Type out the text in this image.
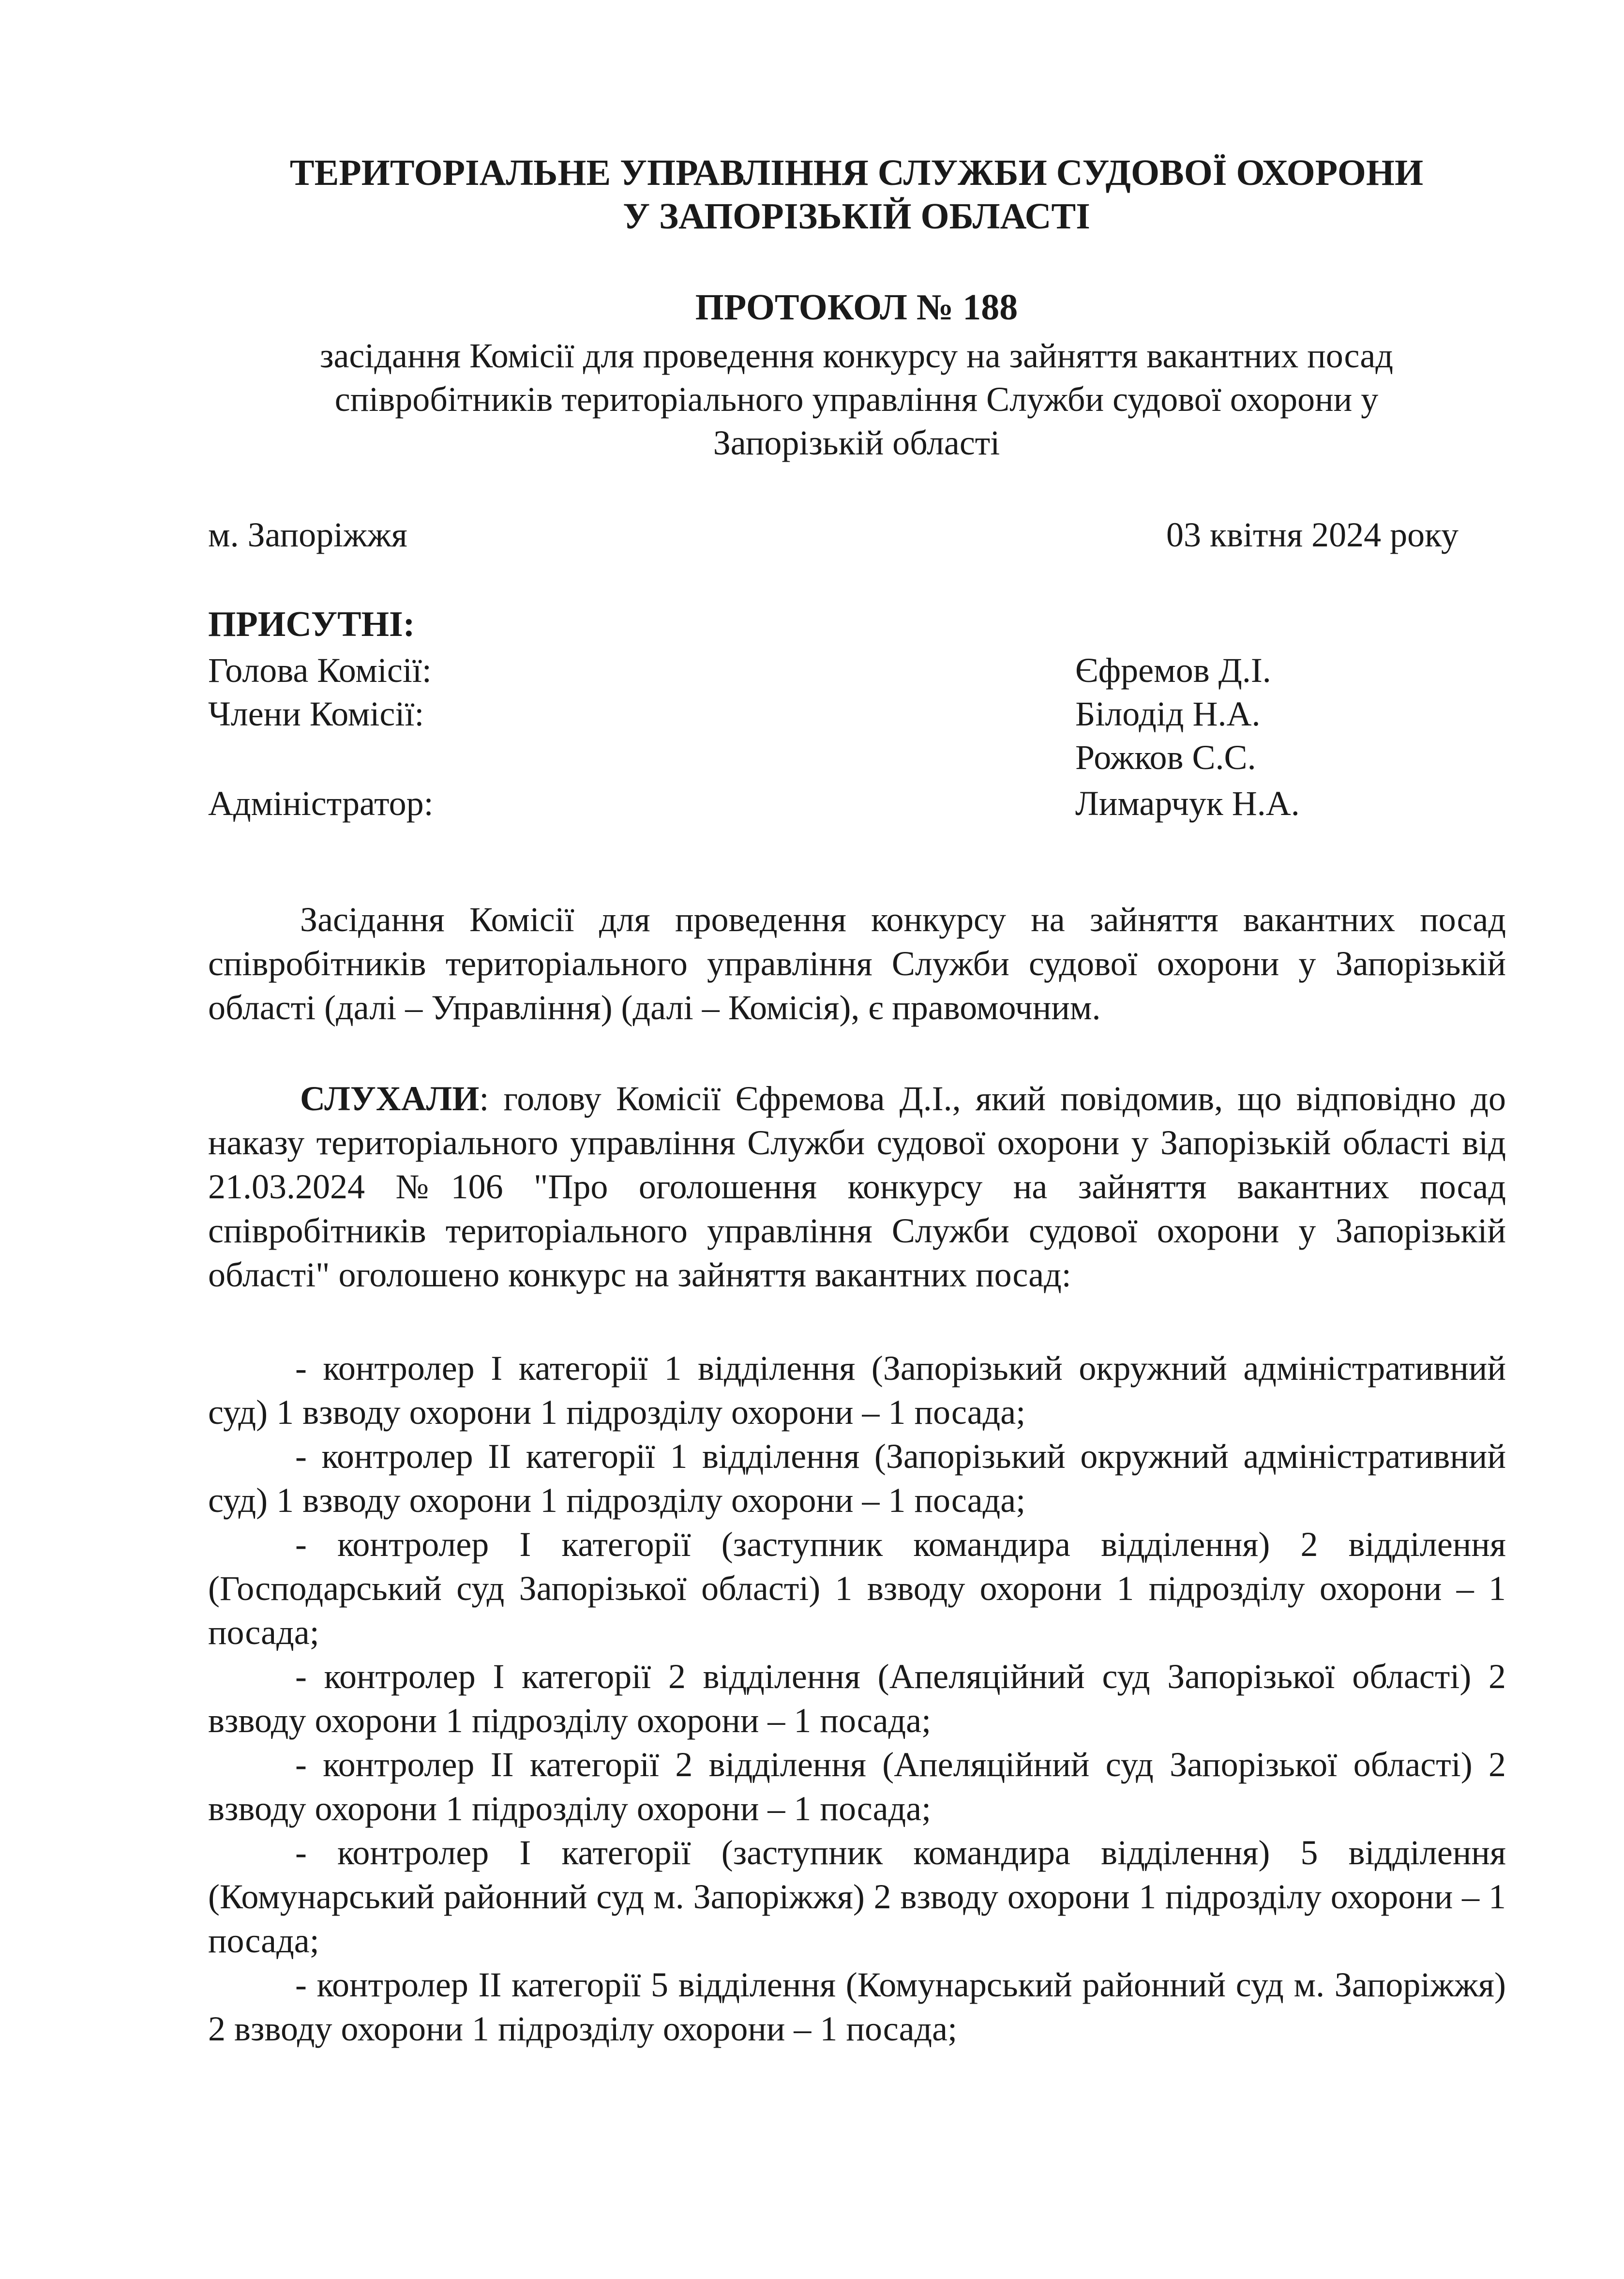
ТЕРИТОРІАЛЬНЕ УПРАВЛІННЯ СЛУЖБИ СУДОВОЇ ОХОРОНИ
У ЗАПОРІЗЬКІЙ ОБЛАСТІ
ПРОТОКОЛ № 188
засідання Комісії для проведення конкурсу на зайняття вакантних посад
співробітників територіального управління Служби судової охорони у
Запорізькій області
м. Запоріжжя	03 квітня 2024 року
ПРИСУТНІ:
Голова Комісії:	Єфремов Д.І.
Члени Комісії:	Білодід Н.А.
Рожков С.С.
Адміністратор:	Лимарчук Н.А.
Засідання Комісії для проведення конкурсу на зайняття вакантних посад співробітників територіального управління Служби судової охорони у Запорізькій області (далі – Управління) (далі – Комісія), є правомочним.
СЛУХАЛИ: голову Комісії Єфремова Д.І., який повідомив, що відповідно до наказу територіального управління Служби судової охорони у Запорізькій області від 21.03.2024 №106 "Про оголошення конкурсу на зайняття вакантних посад співробітників територіального управління Служби судової охорони у Запорізькій області" оголошено конкурс на зайняття вакантних посад:
- контролер І категорії 1 відділення (Запорізький окружний адміністративний суд) 1 взводу охорони 1 підрозділу охорони – 1 посада;
- контролер ІІ категорії 1 відділення (Запорізький окружний адміністративний суд) 1 взводу охорони 1 підрозділу охорони – 1 посада;
- контролер І категорії (заступник командира відділення) 2 відділення (Господарський суд Запорізької області) 1 взводу охорони 1 підрозділу охорони – 1 посада;
- контролер І категорії 2 відділення (Апеляційний суд Запорізької області) 2 взводу охорони 1 підрозділу охорони – 1 посада;
- контролер ІІ категорії 2 відділення (Апеляційний суд Запорізької області) 2 взводу охорони 1 підрозділу охорони – 1 посада;
- контролер І категорії (заступник командира відділення) 5 відділення (Комунарський районний суд м. Запоріжжя) 2 взводу охорони 1 підрозділу охорони – 1 посада;
- контролер ІІ категорії 5 відділення (Комунарський районний суд м. Запоріжжя) 2 взводу охорони 1 підрозділу охорони – 1 посада;
